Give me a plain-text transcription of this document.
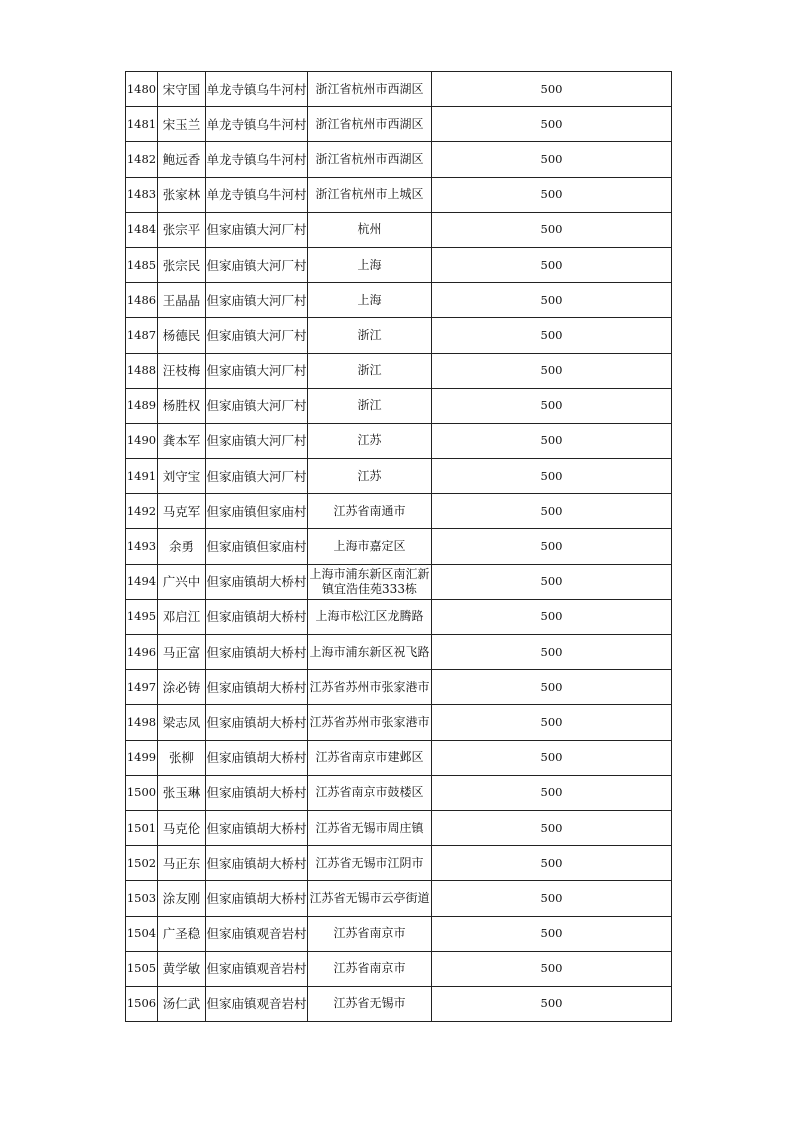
1480	宋守国	单龙寺镇乌牛河村	浙江省杭州市西湖区	500
1481	宋玉兰	单龙寺镇乌牛河村	浙江省杭州市西湖区	500
1482	鲍远香	单龙寺镇乌牛河村	浙江省杭州市西湖区	500
1483	张家林	单龙寺镇乌牛河村	浙江省杭州市上城区	500
1484	张宗平	但家庙镇大河厂村	杭州	500
1485	张宗民	但家庙镇大河厂村	上海	500
1486	王晶晶	但家庙镇大河厂村	上海	500
1487	杨德民	但家庙镇大河厂村	浙江	500
1488	汪枝梅	但家庙镇大河厂村	浙江	500
1489	杨胜权	但家庙镇大河厂村	浙江	500
1490	龚本军	但家庙镇大河厂村	江苏	500
1491	刘守宝	但家庙镇大河厂村	江苏	500
1492	马克军	但家庙镇但家庙村	江苏省南通市	500
1493	余勇	但家庙镇但家庙村	上海市嘉定区	500
1494	广兴中	但家庙镇胡大桥村	上海市浦东新区南汇新镇宜浩佳苑333栋	500
1495	邓启江	但家庙镇胡大桥村	上海市松江区龙腾路	500
1496	马正富	但家庙镇胡大桥村	上海市浦东新区祝飞路	500
1497	涂必铸	但家庙镇胡大桥村	江苏省苏州市张家港市	500
1498	梁志凤	但家庙镇胡大桥村	江苏省苏州市张家港市	500
1499	张柳	但家庙镇胡大桥村	江苏省南京市建邺区	500
1500	张玉琳	但家庙镇胡大桥村	江苏省南京市鼓楼区	500
1501	马克伦	但家庙镇胡大桥村	江苏省无锡市周庄镇	500
1502	马正东	但家庙镇胡大桥村	江苏省无锡市江阴市	500
1503	涂友刚	但家庙镇胡大桥村	江苏省无锡市云亭街道	500
1504	广圣稳	但家庙镇观音岩村	江苏省南京市	500
1505	黄学敏	但家庙镇观音岩村	江苏省南京市	500
1506	汤仁武	但家庙镇观音岩村	江苏省无锡市	500
